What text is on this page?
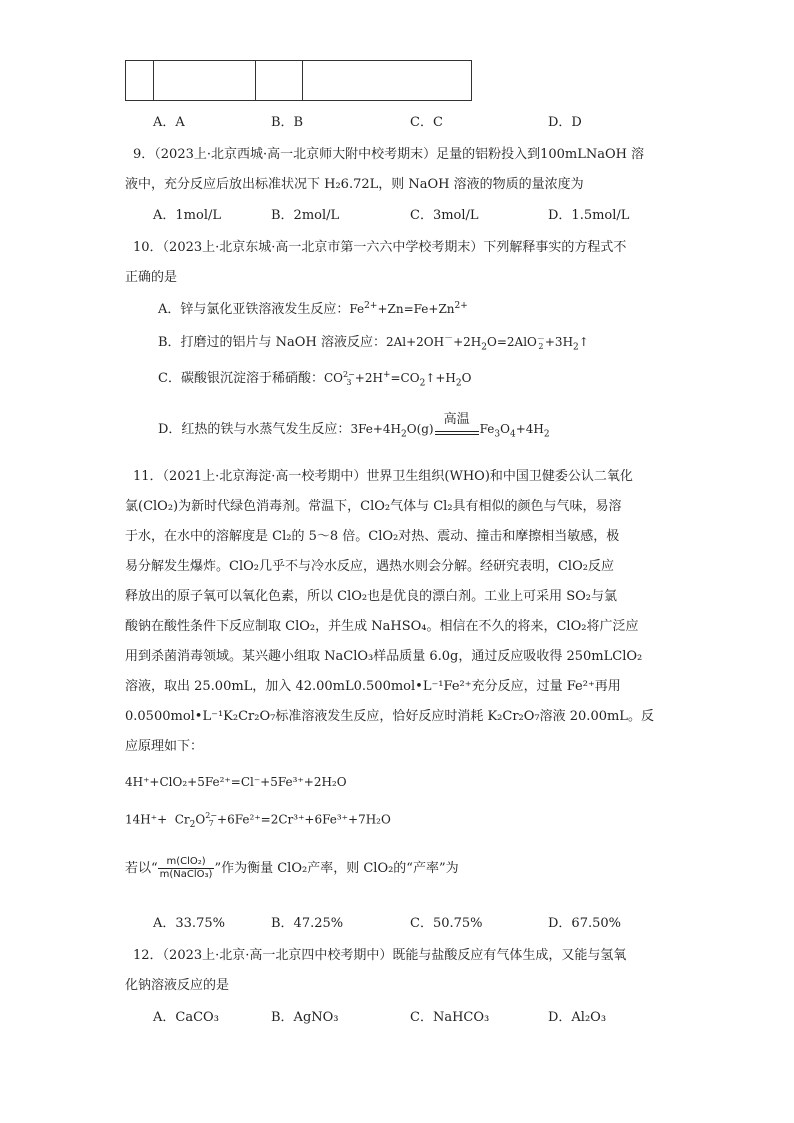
A．A	B．B	C．C	D．D
9．（2023上·北京西城·高一北京师大附中校考期末）足量的铝粉投入到100mLNaOH 溶
液中，充分反应后放出标准状况下 H₂6.72L，则 NaOH 溶液的物质的量浓度为
A．1mol/L	B．2mol/L	C．3mol/L	D．1.5mol/L
10．（2023上·北京东城·高一北京市第一六六中学校考期末）下列解释事实的方程式不
正确的是
A．锌与氯化亚铁溶液发生反应：$Fe^{2+}+Zn=Fe+Zn^{2+}$
B．打磨过的铝片与 NaOH 溶液反应：$2Al+2OH^-+2H_2O=2AlO-$
$2+3H_2↑$
C．碳酸银沉淀溶于稀硝酸：CO2−
$3 +2H^+=CO_2↑+H_2O$
D．红热的铁与水蒸气发生反应：$3Fe+4H_2O(g)$
高温
$Fe_3O_4+4H_2$
11．（2021上·北京海淀·高一校考期中）世界卫生组织(WHO)和中国卫健委公认二氧化
氯(ClO₂)为新时代绿色消毒剂。常温下，ClO₂气体与 Cl₂具有相似的颜色与气味，易溶
于水，在水中的溶解度是 Cl₂的 5～8 倍。ClO₂对热、震动、撞击和摩擦相当敏感，极
易分解发生爆炸。ClO₂几乎不与冷水反应，遇热水则会分解。经研究表明，ClO₂反应
释放出的原子氧可以氧化色素，所以 ClO₂也是优良的漂白剂。工业上可采用 SO₂与氯
酸钠在酸性条件下反应制取 ClO₂，并生成 NaHSO₄。相信在不久的将来，ClO₂将广泛应
用到杀菌消毒领域。某兴趣小组取 NaClO₃样品质量 6.0g，通过反应吸收得 250mLClO₂
溶液，取出 25.00mL，加入 42.00mL0.500mol•L⁻¹Fe²⁺充分反应，过量 Fe²⁺再用
0.0500mol•L⁻¹K₂Cr₂O₇标准溶液发生反应，恰好反应时消耗 K₂Cr₂O₇溶液 20.00mL。反
应原理如下：
4H⁺+ClO₂+5Fe²⁺=Cl⁻+5Fe³⁺+2H₂O
$14H^++ Cr_2O2-$
7 +6Fe²⁺=2Cr³⁺+6Fe³⁺+7H₂O
若以“ $\frac{\text{m(ClO₂)}}{\text{m(NaClO₃)}}$ ”作为衡量 ClO₂产率，则 ClO₂的“产率”为
A．33.75%	B．47.25%	C．50.75%	D．67.50%
12．（2023上·北京·高一北京四中校考期中）既能与盐酸反应有气体生成，又能与氢氧
化钠溶液反应的是
A．CaCO₃	B．AgNO₃	C．NaHCO₃	D．Al₂O₃
